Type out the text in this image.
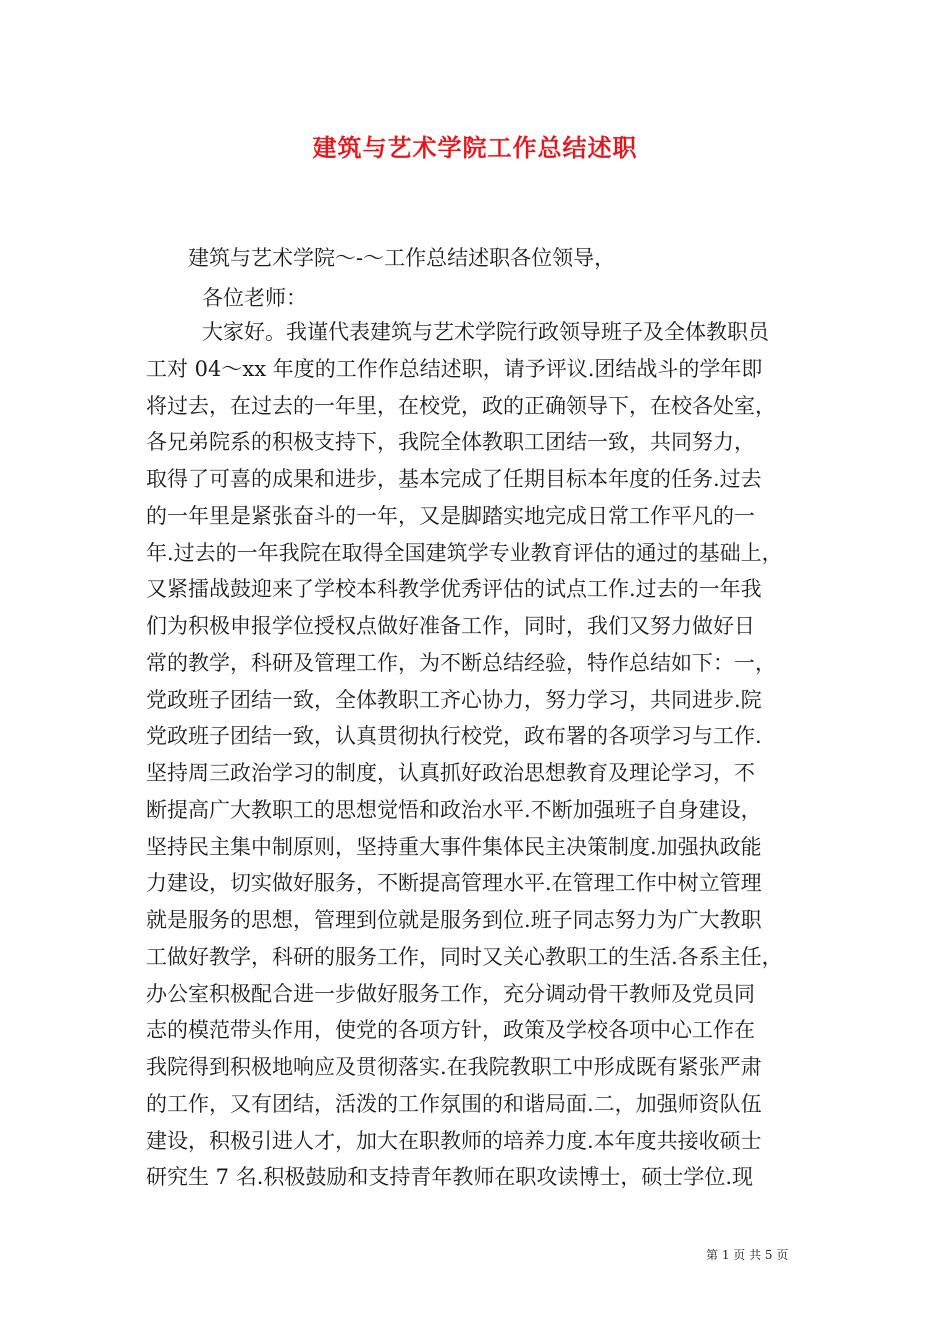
建筑与艺术学院工作总结述职
建筑与艺术学院～-～工作总结述职各位领导，
各位老师：
大家好。我谨代表建筑与艺术学院行政领导班子及全体教职员
工对 04～xx 年度的工作作总结述职，请予评议.团结战斗的学年即
将过去，在过去的一年里，在校党，政的正确领导下，在校各处室，
各兄弟院系的积极支持下，我院全体教职工团结一致，共同努力，
取得了可喜的成果和进步，基本完成了任期目标本年度的任务.过去
的一年里是紧张奋斗的一年，又是脚踏实地完成日常工作平凡的一
年.过去的一年我院在取得全国建筑学专业教育评估的通过的基础上，
又紧擂战鼓迎来了学校本科教学优秀评估的试点工作.过去的一年我
们为积极申报学位授权点做好准备工作，同时，我们又努力做好日
常的教学，科研及管理工作，为不断总结经验，特作总结如下：一，
党政班子团结一致，全体教职工齐心协力，努力学习，共同进步.院
党政班子团结一致，认真贯彻执行校党，政布署的各项学习与工作.
坚持周三政治学习的制度，认真抓好政治思想教育及理论学习，不
断提高广大教职工的思想觉悟和政治水平.不断加强班子自身建设，
坚持民主集中制原则，坚持重大事件集体民主决策制度.加强执政能
力建设，切实做好服务，不断提高管理水平.在管理工作中树立管理
就是服务的思想，管理到位就是服务到位.班子同志努力为广大教职
工做好教学，科研的服务工作，同时又关心教职工的生活.各系主任，
办公室积极配合进一步做好服务工作，充分调动骨干教师及党员同
志的模范带头作用，使党的各项方针，政策及学校各项中心工作在
我院得到积极地响应及贯彻落实.在我院教职工中形成既有紧张严肃
的工作，又有团结，活泼的工作氛围的和谐局面.二，加强师资队伍
建设，积极引进人才，加大在职教师的培养力度.本年度共接收硕士
研究生 7 名.积极鼓励和支持青年教师在职攻读博士，硕士学位.现
第 1 页 共 5 页
